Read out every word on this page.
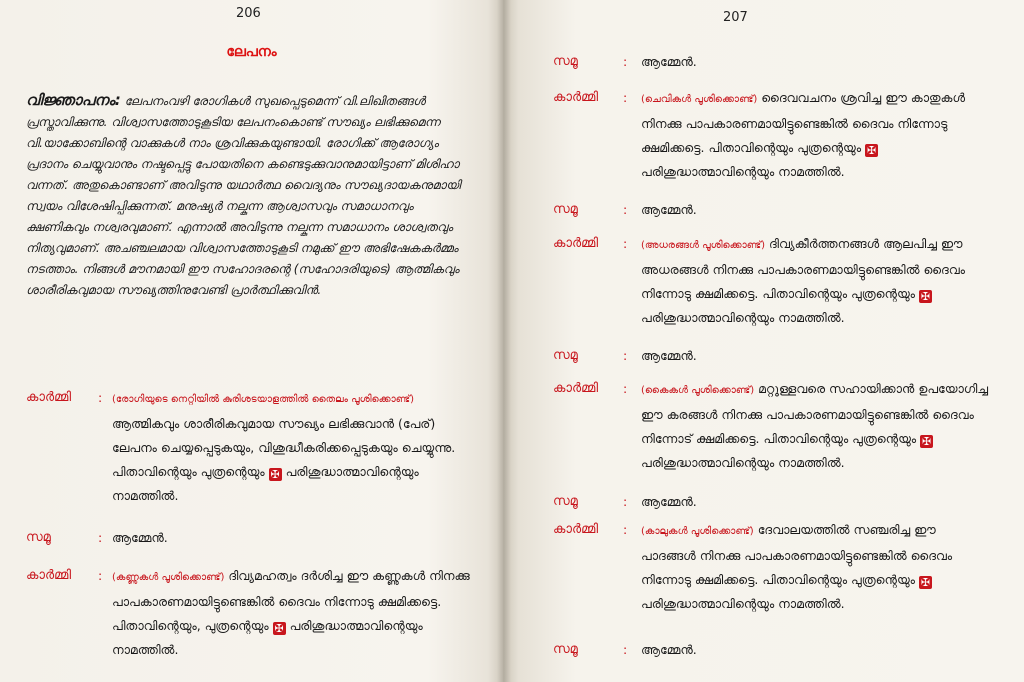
206
ലേപനം
വിജ്ഞാപനം: ലേപനംവഴി രോഗികൾ സുഖപ്പെടുമെന്ന് വി.ലിഖിതങ്ങൾ പ്രസ്താവിക്കുന്നു. വിശ്വാസത്തോടുകൂടിയ ലേപനംകൊണ്ട് സൗഖ്യം ലഭിക്കുമെന്ന വി.യാക്കോബിന്റെ വാക്കുകൾ നാം ശ്രവിക്കുകയുണ്ടായി. രോഗിക്ക് ആരോഗ്യം പ്രദാനം ചെയ്യുവാനും നഷ്ടപ്പെട്ടു പോയതിനെ കണ്ടെടുക്കുവാനുമായിട്ടാണ് മിശിഹാ വന്നത്. അതുകൊണ്ടാണ് അവിടുന്നു യഥാർത്ഥ വൈദ്യനും സൗഖ്യദായകനുമായി സ്വയം വിശേഷിപ്പിക്കുന്നത്. മനുഷ്യർ നല്കുന്ന ആശ്വാസവും സമാധാനവും ക്ഷണികവും നശ്വരവുമാണ്. എന്നാൽ അവിടുന്നു നല്കുന്ന സമാധാനം ശാശ്വതവും നിത്യവുമാണ്. അചഞ്ചലമായ വിശ്വാസത്തോടുകൂടി നമുക്ക് ഈ അഭിഷേകകർമ്മം നടത്താം. നിങ്ങൾ മൗനമായി ഈ സഹോദരന്റെ (സഹോദരിയുടെ) ആത്മികവും ശാരീരികവുമായ സൗഖ്യത്തിനുവേണ്ടി പ്രാർത്ഥിക്കുവിൻ.
കാർമ്മി	: (രോഗിയുടെ നെറ്റിയിൽ കുരിശടയാളത്തിൽ തൈലം പൂശിക്കൊണ്ട്) ആത്മികവും ശാരീരികവുമായ സൗഖ്യം ലഭിക്കുവാൻ (പേര്) ലേപനം ചെയ്യപ്പെടുകയും, വിശുദ്ധീകരിക്കപ്പെടുകയും ചെയ്യുന്നു. പിതാവിന്റെയും പുത്രന്റെയും ✠ പരിശുദ്ധാത്മാവിന്റെയും നാമത്തിൽ.
സമൂ	: ആമ്മേൻ.
കാർമ്മി	: (കണ്ണുകൾ പൂശിക്കൊണ്ട്) ദിവ്യമഹത്വം ദർശിച്ച ഈ കണ്ണുകൾ നിനക്കു പാപകാരണമായിട്ടുണ്ടെങ്കിൽ ദൈവം നിന്നോടു ക്ഷമിക്കട്ടെ. പിതാവിന്റെയും, പുത്രന്റെയും ✠ പരിശുദ്ധാത്മാവിന്റെയും നാമത്തിൽ.
207
സമൂ	:	ആമ്മേൻ.
കാർമ്മി	:	(ചെവികൾ പൂശിക്കൊണ്ട്) ദൈവവചനം ശ്രവിച്ച ഈ കാതുകൾ നിനക്കു പാപകാരണമായിട്ടുണ്ടെങ്കിൽ ദൈവം നിന്നോടു ക്ഷമിക്കട്ടെ. പിതാവിന്റെയും പുത്രന്റെയും ✠ പരിശുദ്ധാത്മാവിന്റെയും നാമത്തിൽ.
സമൂ	:	ആമ്മേൻ.
കാർമ്മി	:	(അധരങ്ങൾ പൂശിക്കൊണ്ട്) ദിവ്യകീർത്തനങ്ങൾ ആലപിച്ച ഈ അധരങ്ങൾ നിനക്കു പാപകാരണമായിട്ടുണ്ടെങ്കിൽ ദൈവം നിന്നോടു ക്ഷമിക്കട്ടെ. പിതാവിന്റെയും പുത്രന്റെയും ✠ പരിശുദ്ധാത്മാവിന്റെയും നാമത്തിൽ.
സമൂ	:	ആമ്മേൻ.
കാർമ്മി	:	(കൈകൾ പൂശിക്കൊണ്ട്) മറ്റുള്ളവരെ സഹായിക്കാൻ ഉപയോഗിച്ച ഈ കരങ്ങൾ നിനക്കു പാപകാരണമായിട്ടുണ്ടെങ്കിൽ ദൈവം നിന്നോട് ക്ഷമിക്കട്ടെ. പിതാവിന്റെയും പുത്രന്റെയും ✠ പരിശുദ്ധാത്മാവിന്റെയും നാമത്തിൽ.
സമൂ	:	ആമ്മേൻ.
കാർമ്മി	:	(കാലുകൾ പൂശിക്കൊണ്ട്) ദേവാലയത്തിൽ സഞ്ചരിച്ച ഈ പാദങ്ങൾ നിനക്കു പാപകാരണമായിട്ടുണ്ടെങ്കിൽ ദൈവം നിന്നോടു ക്ഷമിക്കട്ടെ. പിതാവിന്റെയും പുത്രന്റെയും ✠ പരിശുദ്ധാത്മാവിന്റെയും നാമത്തിൽ.
സമൂ	:	ആമ്മേൻ.
